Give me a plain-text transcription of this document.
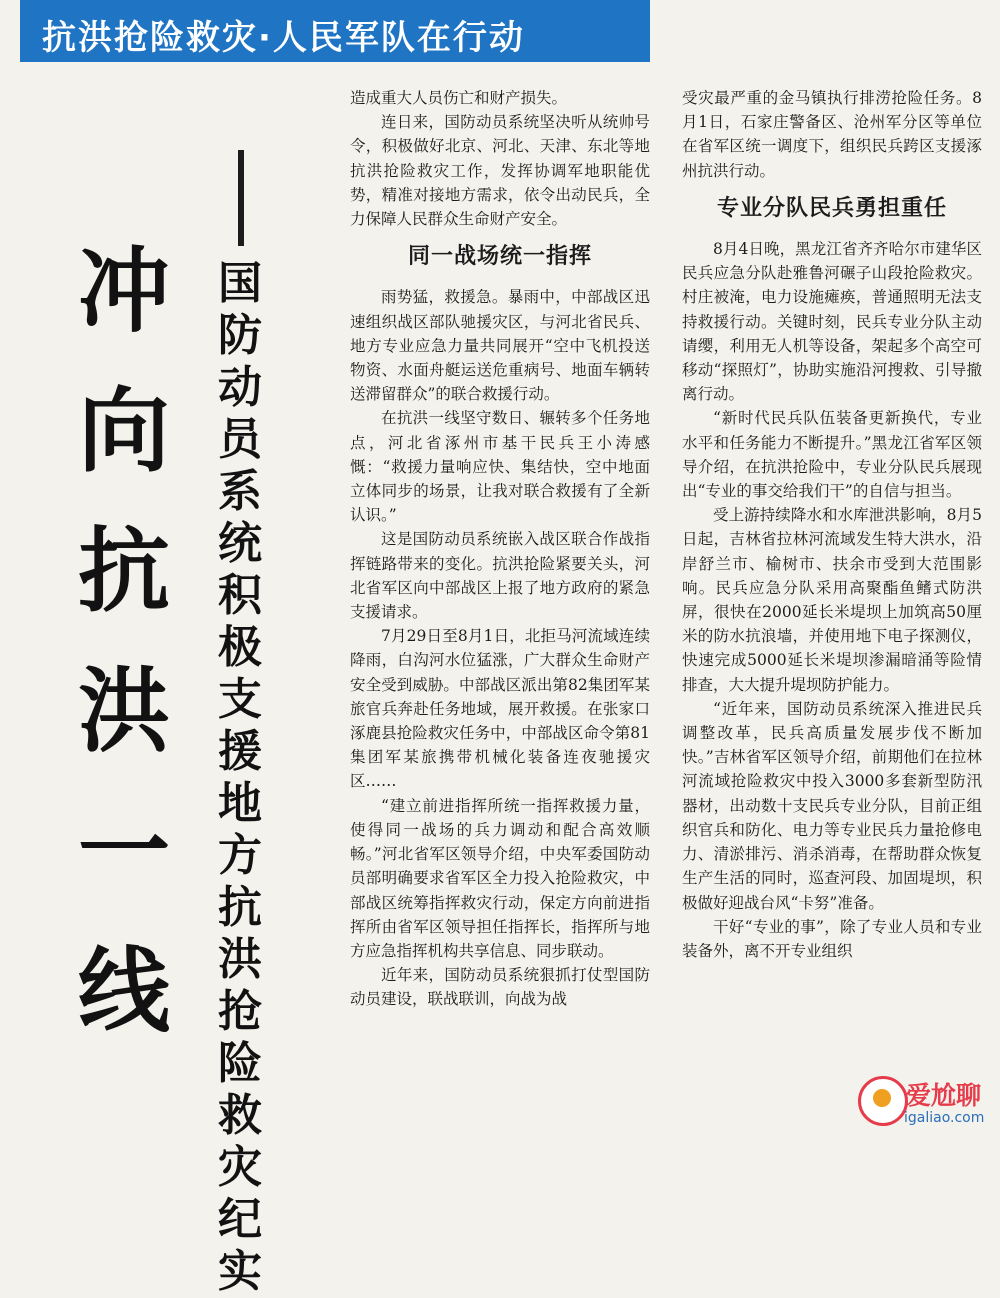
抗洪抢险救灾·人民军队在行动
冲向抗洪一线
国防动员系统积极支援地方抗洪抢险救灾纪实

造成重大人员伤亡和财产损失。

连日来，国防动员系统坚决听从统帅号令，积极做好北京、河北、天津、东北等地抗洪抢险救灾工作，发挥协调军地职能优势，精准对接地方需求，依令出动民兵，全力保障人民群众生命财产安全。

同一战场统一指挥

雨势猛，救援急。暴雨中，中部战区迅速组织战区部队驰援灾区，与河北省民兵、地方专业应急力量共同展开“空中飞机投送物资、水面舟艇运送危重病号、地面车辆转送滞留群众”的联合救援行动。

在抗洪一线坚守数日、辗转多个任务地点，河北省涿州市基干民兵王小涛感慨：“救援力量响应快、集结快，空中地面立体同步的场景，让我对联合救援有了全新认识。”

这是国防动员系统嵌入战区联合作战指挥链路带来的变化。抗洪抢险紧要关头，河北省军区向中部战区上报了地方政府的紧急支援请求。

7月29日至8月1日，北拒马河流域连续降雨，白沟河水位猛涨，广大群众生命财产安全受到威胁。中部战区派出第82集团军某旅官兵奔赴任务地域，展开救援。在张家口涿鹿县抢险救灾任务中，中部战区命令第81集团军某旅携带机械化装备连夜驰援灾区……

“建立前进指挥所统一指挥救援力量，使得同一战场的兵力调动和配合高效顺畅。”河北省军区领导介绍，中央军委国防动员部明确要求省军区全力投入抢险救灾，中部战区统筹指挥救灾行动，保定方向前进指挥所由省军区领导担任指挥长，指挥所与地方应急指挥机构共享信息、同步联动。

近年来，国防动员系统狠抓打仗型国防动员建设，联战联训，向战为战

受灾最严重的金马镇执行排涝抢险任务。8月1日，石家庄警备区、沧州军分区等单位在省军区统一调度下，组织民兵跨区支援涿州抗洪行动。

专业分队民兵勇担重任

8月4日晚，黑龙江省齐齐哈尔市建华区民兵应急分队赴雅鲁河碾子山段抢险救灾。村庄被淹，电力设施瘫痪，普通照明无法支持救援行动。关键时刻，民兵专业分队主动请缨，利用无人机等设备，架起多个高空可移动“探照灯”，协助实施沿河搜救、引导撤离行动。

“新时代民兵队伍装备更新换代，专业水平和任务能力不断提升。”黑龙江省军区领导介绍，在抗洪抢险中，专业分队民兵展现出“专业的事交给我们干”的自信与担当。

受上游持续降水和水库泄洪影响，8月5日起，吉林省拉林河流域发生特大洪水，沿岸舒兰市、榆树市、扶余市受到大范围影响。民兵应急分队采用高聚酯鱼鳍式防洪屏，很快在2000延长米堤坝上加筑高50厘米的防水抗浪墙，并使用地下电子探测仪，快速完成5000延长米堤坝渗漏暗涌等险情排查，大大提升堤坝防护能力。

“近年来，国防动员系统深入推进民兵调整改革，民兵高质量发展步伐不断加快。”吉林省军区领导介绍，前期他们在拉林河流域抢险救灾中投入3000多套新型防汛器材，出动数十支民兵专业分队，目前正组织官兵和防化、电力等专业民兵力量抢修电力、清淤排污、消杀消毒，在帮助群众恢复生产生活的同时，巡查河段、加固堤坝，积极做好迎战台风“卡努”准备。

干好“专业的事”，除了专业人员和专业装备外，离不开专业组织

爱尬聊
igaliao.com
